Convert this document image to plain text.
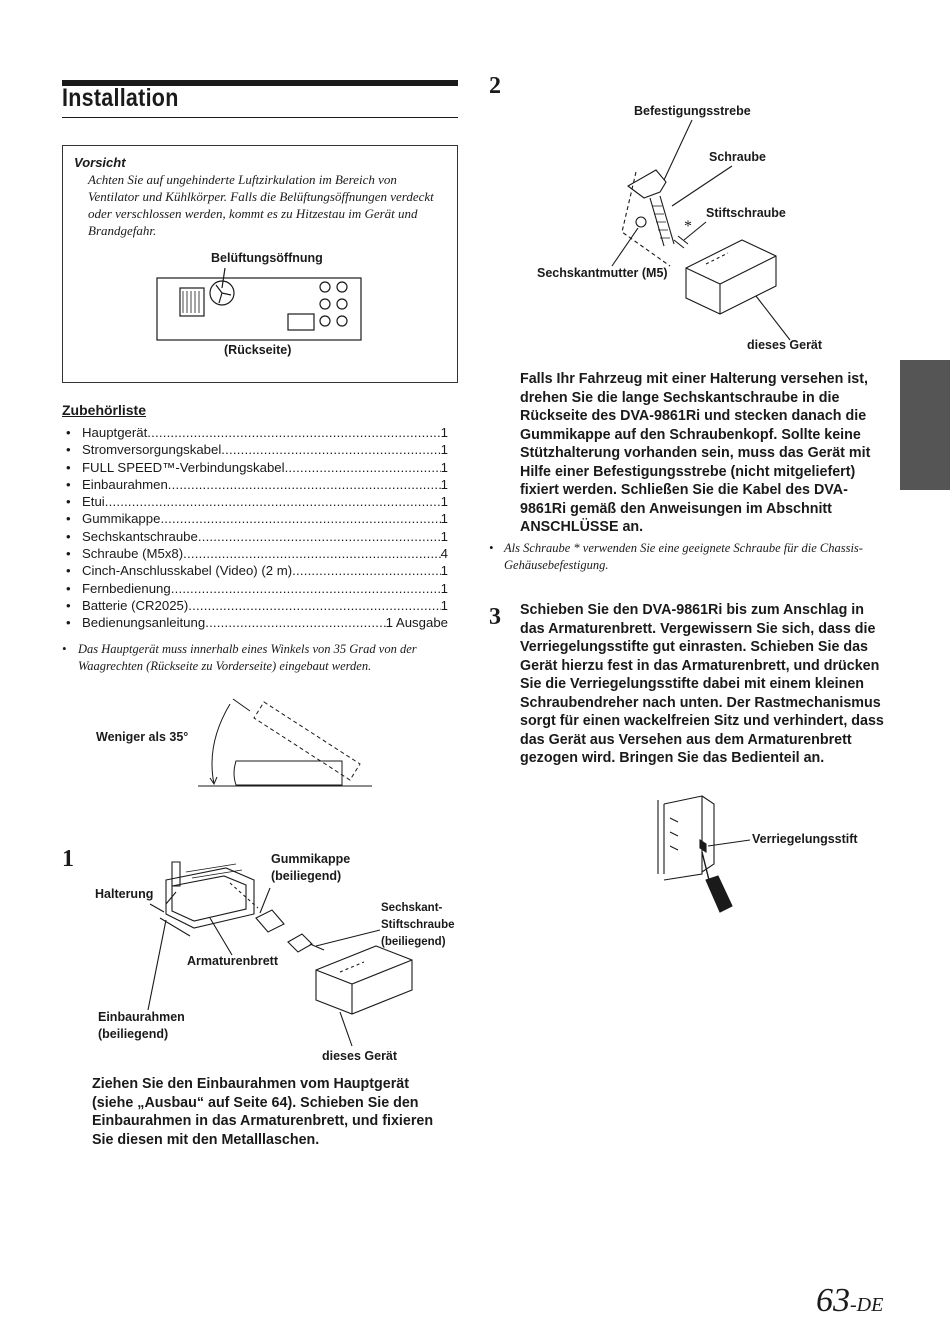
Installation
Vorsicht
Achten Sie auf ungehinderte Luftzirkulation im Bereich von Ventilator und Kühlkörper. Falls die Belüftungsöffnungen verdeckt oder verschlossen werden, kommt es zu Hitzestau im Gerät und Brandgefahr.
Belüftungsöffnung
(Rückseite)
Zubehörliste
• Hauptgerät .....	1
• Stromversorgungskabel .....	1
• FULL SPEED™-Verbindungskabel .....	1
• Einbaurahmen .....	1
• Etui .....	1
• Gummikappe .....	1
• Sechskantschraube .....	1
• Schraube (M5x8) .....	4
• Cinch-Anschlusskabel (Video) (2 m) .....	1
• Fernbedienung .....	1
• Batterie (CR2025) .....	1
• Bedienungsanleitung .....	1 Ausgabe
• Das Hauptgerät muss innerhalb eines Winkels von 35 Grad von der Waagrechten (Rückseite zu Vorderseite) eingebaut werden.
Weniger als 35°
1
Halterung
Gummikappe (beiliegend)
Sechskant-Stiftschraube (beiliegend)
Armaturenbrett
Einbaurahmen (beiliegend)
dieses Gerät
Ziehen Sie den Einbaurahmen vom Hauptgerät (siehe „Ausbau“ auf Seite 64). Schieben Sie den Einbaurahmen in das Armaturenbrett, und fixieren Sie diesen mit den Metalllaschen.
2
Befestigungsstrebe
Schraube
Stiftschraube
Sechskantmutter (M5)
dieses Gerät
*
Falls Ihr Fahrzeug mit einer Halterung versehen ist, drehen Sie die lange Sechskantschraube in die Rückseite des DVA-9861Ri und stecken danach die Gummikappe auf den Schraubenkopf. Sollte keine Stützhalterung vorhanden sein, muss das Gerät mit Hilfe einer Befestigungsstrebe (nicht mitgeliefert) fixiert werden. Schließen Sie die Kabel des DVA-9861Ri gemäß den Anweisungen im Abschnitt ANSCHLÜSSE an.
• Als Schraube * verwenden Sie eine geeignete Schraube für die Chassis-Gehäusebefestigung.
3 Schieben Sie den DVA-9861Ri bis zum Anschlag in das Armaturenbrett. Vergewissern Sie sich, dass die Verriegelungsstifte gut einrasten. Schieben Sie das Gerät hierzu fest in das Armaturenbrett, und drücken Sie die Verriegelungsstifte dabei mit einem kleinen Schraubendreher nach unten. Der Rastmechanismus sorgt für einen wackelfreien Sitz und verhindert, dass das Gerät aus Versehen aus dem Armaturenbrett gezogen wird. Bringen Sie das Bedienteil an.
Verriegelungsstift
63-DE
